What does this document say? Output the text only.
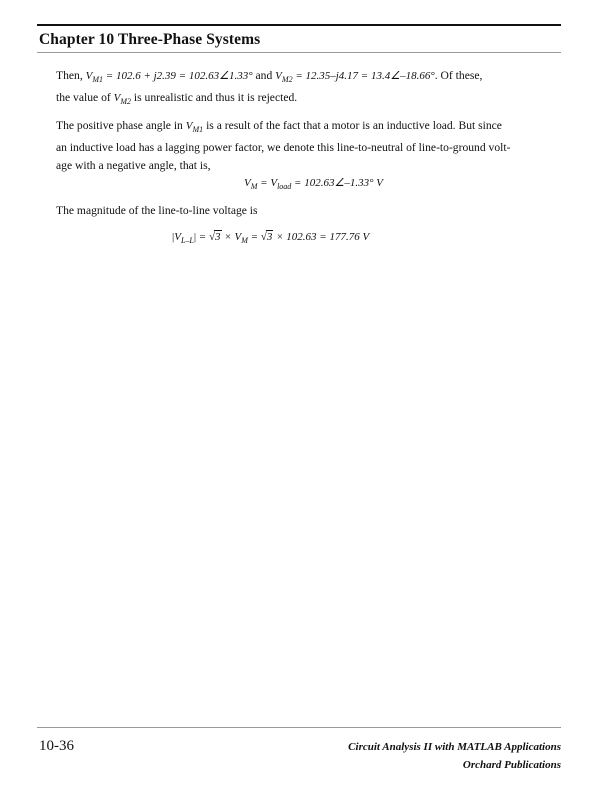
Chapter 10 Three-Phase Systems

Then, $V_{M1} = 102.6 + j2.39$ = 102.63∠1.33° and $V_{M2} = 12.35-j4.17$ = 13.4∠–18.66°. Of these,

the value of $V_{M2}$ is unrealistic and thus it is rejected.

The positive phase angle in $V_{M1}$ is a result of the fact that a motor is an inductive load. But since

an inductive load has a lagging power factor, we denote this line-to-neutral of line-to-ground volt-

age with a negative angle, that is,

$V_M = V_{load}$ = 102.63∠–1.33° V

The magnitude of the line-to-line voltage is

$|V_{L-L}| = √3 \times V_M = √3 \times 102.63 = 177.76$ V
10-36	Circuit Analysis II with MATLAB Applications
Orchard Publications
